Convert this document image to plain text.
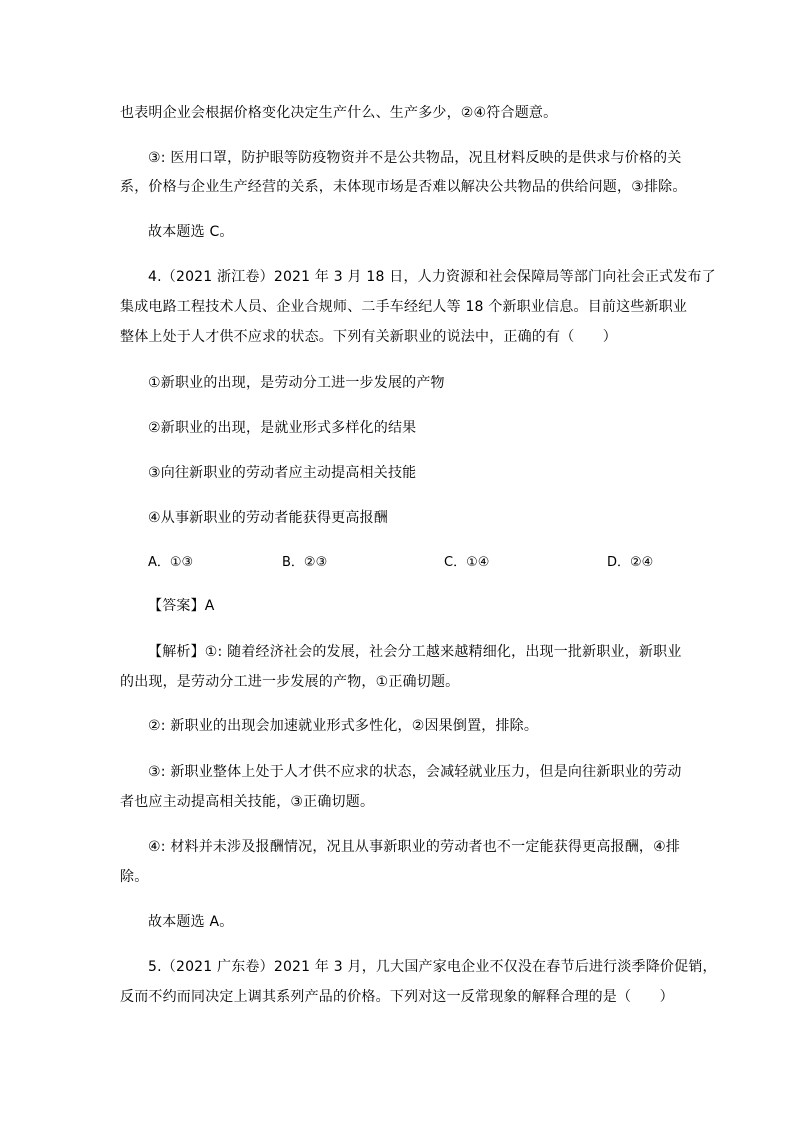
也表明企业会根据价格变化决定生产什么、生产多少，②④符合题意。
③: 医用口罩，防护眼等防疫物资并不是公共物品，况且材料反映的是供求与价格的关
系，价格与企业生产经营的关系，未体现市场是否难以解决公共物品的供给问题，③排除。
故本题选 C。
4.（2021 浙江卷）2021 年 3 月 18 日，人力资源和社会保障局等部门向社会正式发布了
集成电路工程技术人员、企业合规师、二手车经纪人等 18 个新职业信息。目前这些新职业
整体上处于人才供不应求的状态。下列有关新职业的说法中，正确的有（　　）
①新职业的出现，是劳动分工进一步发展的产物
②新职业的出现，是就业形式多样化的结果
③向往新职业的劳动者应主动提高相关技能
④从事新职业的劳动者能获得更高报酬
A．①③	B．②③	C．①④	D．②④
【答案】A
【解析】①: 随着经济社会的发展，社会分工越来越精细化，出现一批新职业，新职业
的出现，是劳动分工进一步发展的产物，①正确切题。
②: 新职业的出现会加速就业形式多性化，②因果倒置，排除。
③: 新职业整体上处于人才供不应求的状态，会减轻就业压力，但是向往新职业的劳动
者也应主动提高相关技能，③正确切题。
④: 材料并未涉及报酬情况，况且从事新职业的劳动者也不一定能获得更高报酬，④排
除。
故本题选 A。
5.（2021 广东卷）2021 年 3 月，几大国产家电企业不仅没在春节后进行淡季降价促销，
反而不约而同决定上调其系列产品的价格。下列对这一反常现象的解释合理的是（　　）
